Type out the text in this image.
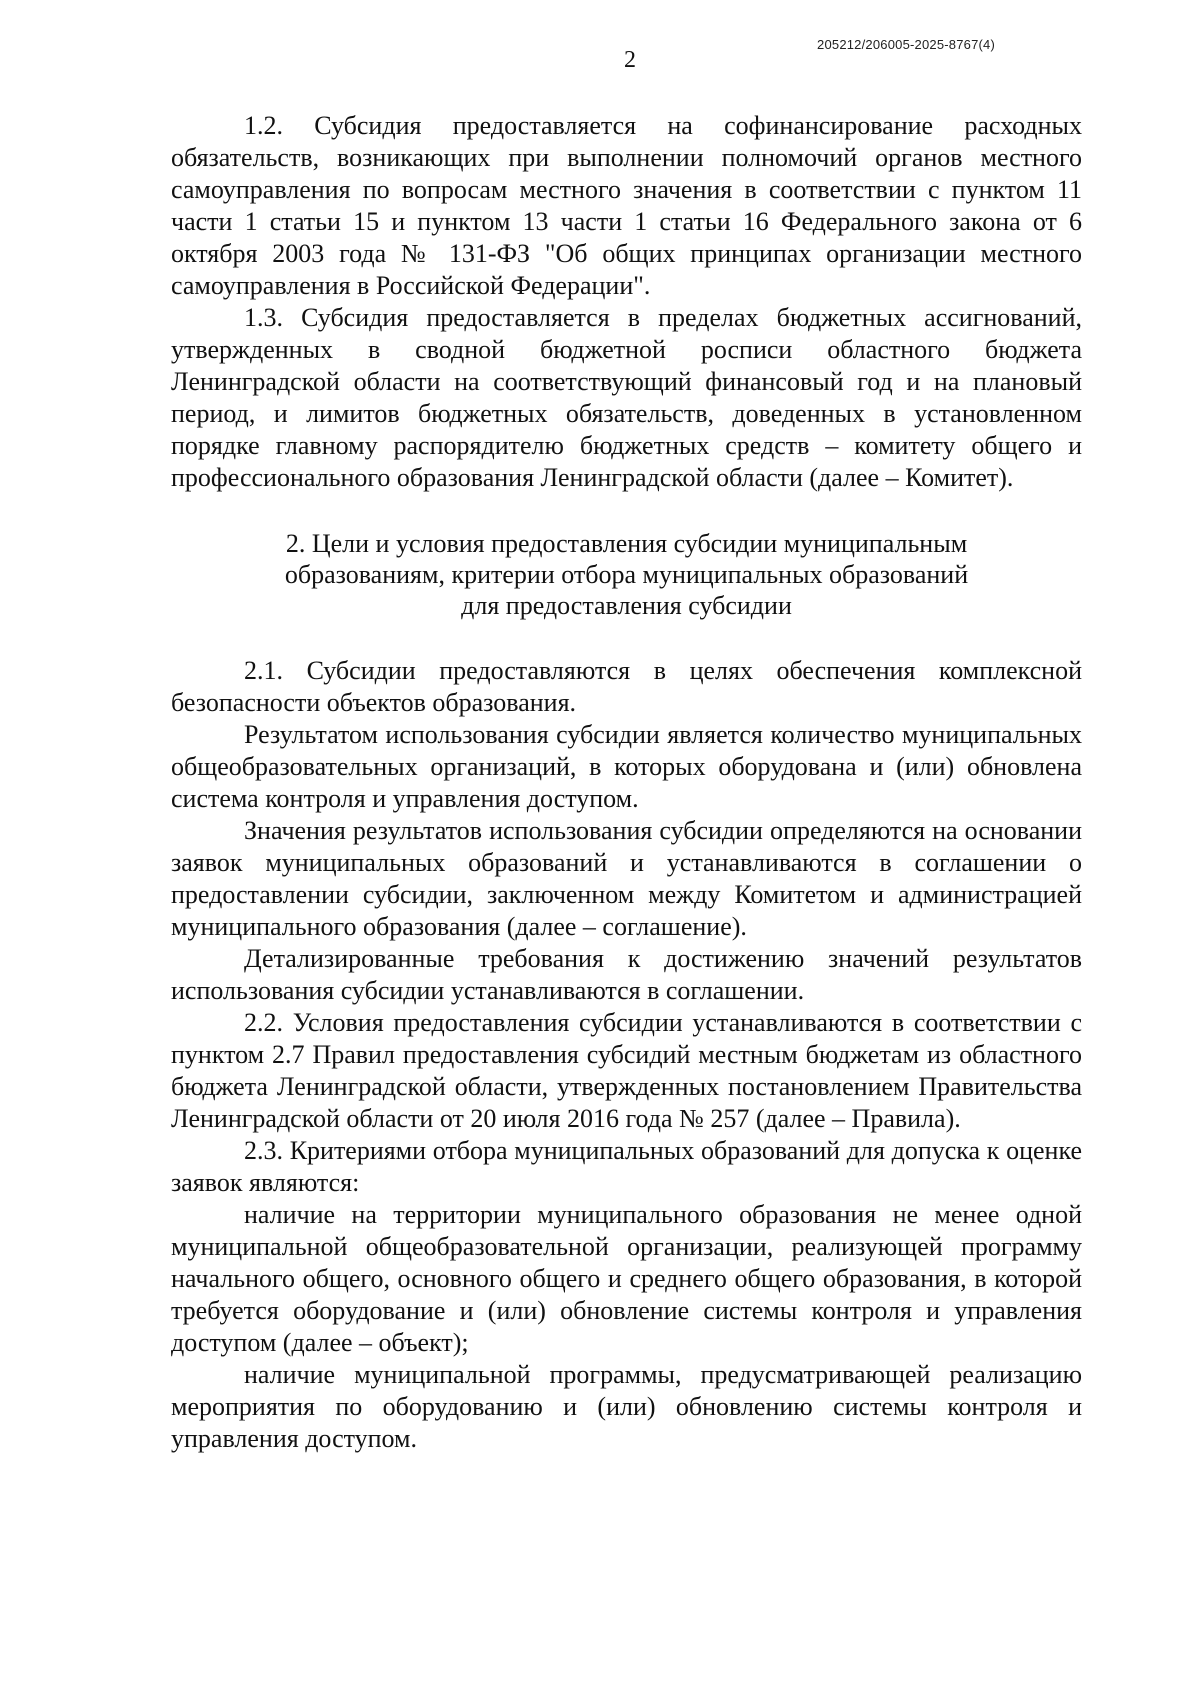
205212/206005-2025-8767(4)
2

1.2. Субсидия предоставляется на софинансирование расходных обязательств, возникающих при выполнении полномочий органов местного самоуправления по вопросам местного значения в соответствии с пунктом 11 части 1 статьи 15 и пунктом 13 части 1 статьи 16 Федерального закона от 6 октября 2003 года № 131-ФЗ "Об общих принципах организации местного самоуправления в Российской Федерации".

1.3. Субсидия предоставляется в пределах бюджетных ассигнований, утвержденных в сводной бюджетной росписи областного бюджета Ленинградской области на соответствующий финансовый год и на плановый период, и лимитов бюджетных обязательств, доведенных в установленном порядке главному распорядителю бюджетных средств – комитету общего и профессионального образования Ленинградской области (далее – Комитет).

2. Цели и условия предоставления субсидии муниципальным
образованиям, критерии отбора муниципальных образований
для предоставления субсидии

2.1. Субсидии предоставляются в целях обеспечения комплексной безопасности объектов образования.

Результатом использования субсидии является количество муниципальных общеобразовательных организаций, в которых оборудована и (или) обновлена система контроля и управления доступом.

Значения результатов использования субсидии определяются на основании заявок муниципальных образований и устанавливаются в соглашении о предоставлении субсидии, заключенном между Комитетом и администрацией муниципального образования (далее – соглашение).

Детализированные требования к достижению значений результатов использования субсидии устанавливаются в соглашении.

2.2. Условия предоставления субсидии устанавливаются в соответствии с пунктом 2.7 Правил предоставления субсидий местным бюджетам из областного бюджета Ленинградской области, утвержденных постановлением Правительства Ленинградской области от 20 июля 2016 года № 257 (далее – Правила).

2.3. Критериями отбора муниципальных образований для допуска к оценке заявок являются:

наличие на территории муниципального образования не менее одной муниципальной общеобразовательной организации, реализующей программу начального общего, основного общего и среднего общего образования, в которой требуется оборудование и (или) обновление системы контроля и управления доступом (далее – объект);

наличие муниципальной программы, предусматривающей реализацию мероприятия по оборудованию и (или) обновлению системы контроля и управления доступом.
